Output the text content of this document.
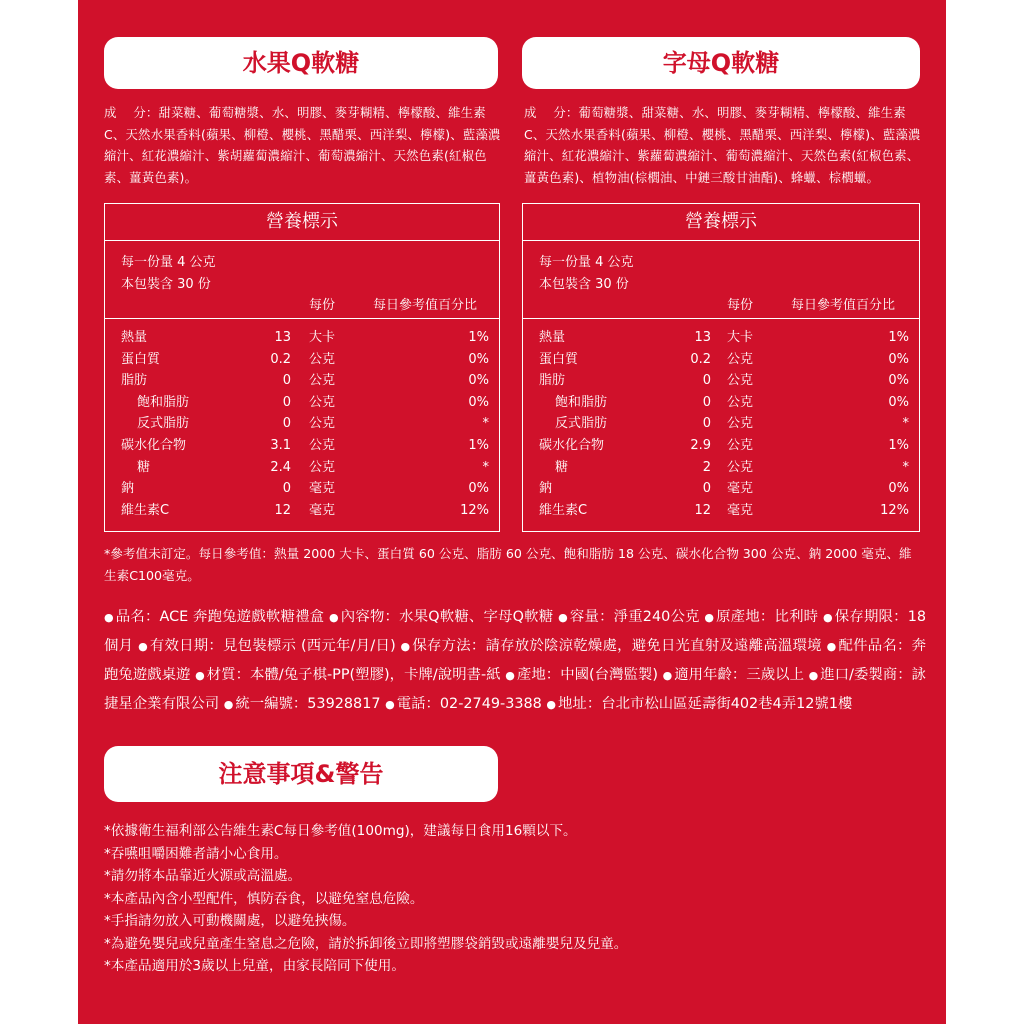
水果Q軟糖
成　 分：甜菜糖、葡萄糖漿、水、明膠、麥芽糊精、檸檬酸、維生素C、天然水果香料(蘋果、柳橙、櫻桃、黑醋栗、西洋梨、檸檬)、藍藻濃縮汁、紅花濃縮汁、紫胡蘿蔔濃縮汁、葡萄濃縮汁、天然色素(紅椒色素、薑黃色素)。
營養標示
每一份量 4 公克
本包裝含 30 份
每份	每日參考值百分比
熱量	13 大卡	1%
蛋白質	0.2 公克	0%
脂肪	0 公克	0%
飽和脂肪	0 公克	0%
反式脂肪	0 公克	*
碳水化合物	3.1 公克	1%
糖	2.4 公克	*
鈉	0 毫克	0%
維生素C	12 毫克	12%
字母Q軟糖
成　 分：葡萄糖漿、甜菜糖、水、明膠、麥芽糊精、檸檬酸、維生素C、天然水果香料(蘋果、柳橙、櫻桃、黑醋栗、西洋梨、檸檬)、藍藻濃縮汁、紅花濃縮汁、紫蘿蔔濃縮汁、葡萄濃縮汁、天然色素(紅椒色素、薑黃色素)、植物油(棕櫚油、中鏈三酸甘油酯)、蜂蠟、棕櫚蠟。
營養標示
每一份量 4 公克
本包裝含 30 份
每份	每日參考值百分比
熱量	13 大卡	1%
蛋白質	0.2 公克	0%
脂肪	0 公克	0%
飽和脂肪	0 公克	0%
反式脂肪	0 公克	*
碳水化合物	2.9 公克	1%
糖	2 公克	*
鈉	0 毫克	0%
維生素C	12 毫克	12%
*參考值未訂定。每日參考值：熱量 2000 大卡、蛋白質 60 公克、脂肪 60 公克、飽和脂肪 18 公克、碳水化合物 300 公克、鈉 2000 毫克、維生素C100毫克。
● 品名：ACE 奔跑兔遊戲軟糖禮盒 ● 內容物：水果Q軟糖、字母Q軟糖 ● 容量：淨重240公克 ● 原產地：比利時 ● 保存期限：18個月 ● 有效日期：見包裝標示 (西元年/月/日) ● 保存方法：請存放於陰涼乾燥處，避免日光直射及遠離高溫環境 ● 配件品名：奔跑兔遊戲桌遊 ● 材質：本體/兔子棋-PP(塑膠)，卡牌/說明書-紙 ● 產地：中國(台灣監製) ● 適用年齡：三歲以上 ● 進口/委製商：詠捷星企業有限公司 ● 統一編號：53928817 ● 電話：02-2749-3388 ● 地址：台北市松山區延壽街402巷4弄12號1樓
注意事項&警告
*依據衛生福利部公告維生素C每日參考值(100mg)，建議每日食用16顆以下。
*吞嚥咀嚼困難者請小心食用。
*請勿將本品靠近火源或高溫處。
*本產品內含小型配件，慎防吞食，以避免窒息危險。
*手指請勿放入可動機關處，以避免挾傷。
*為避免嬰兒或兒童產生窒息之危險，請於拆卸後立即將塑膠袋銷毀或遠離嬰兒及兒童。
*本產品適用於3歲以上兒童，由家長陪同下使用。
